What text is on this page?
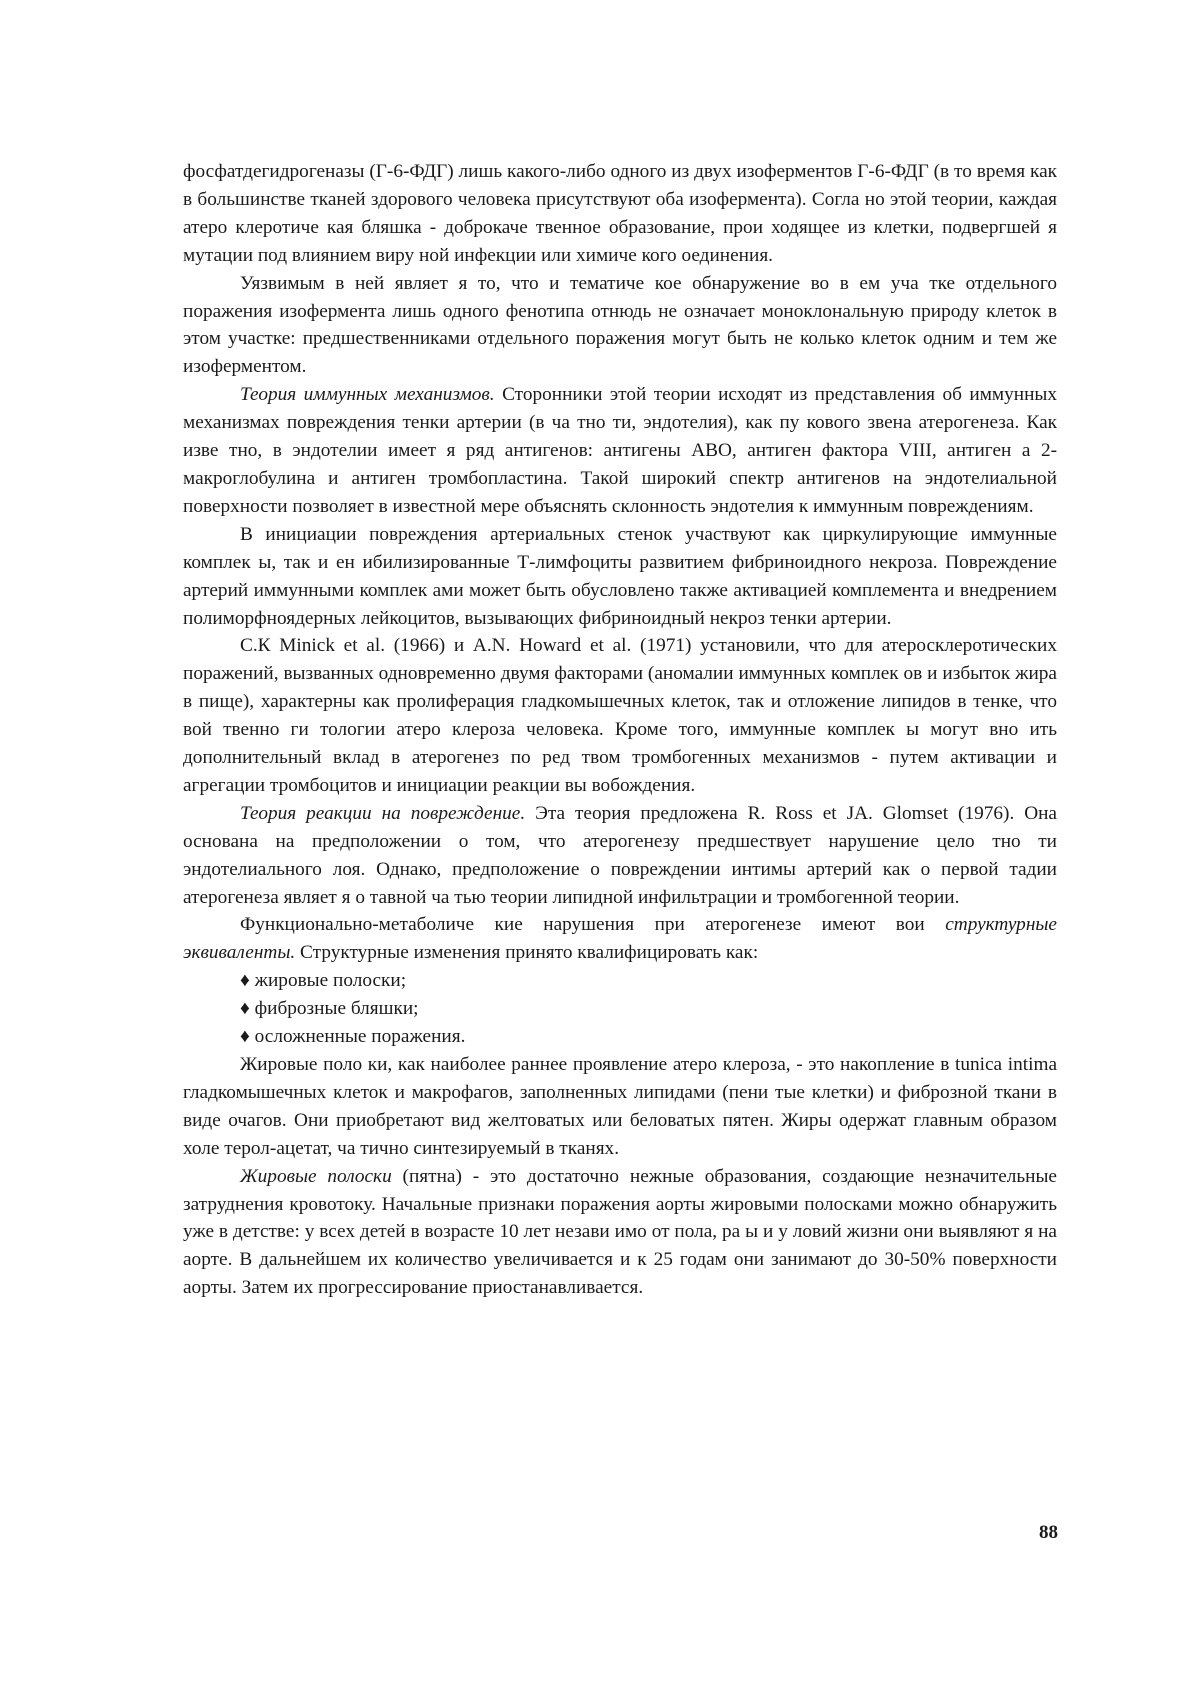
фосфатдегидрогеназы (Г-6-ФДГ) лишь какого-либо одного из двух изоферментов Г-6-ФДГ (в то время как в большинстве тканей здорового человека присутствуют оба изофермента). Согла но этой теории, каждая атеро клеротиче кая бляшка - доброкаче твенное образование, прои ходящее из клетки, подвергшей я мутации под влиянием виру ной инфекции или химиче кого оединения.

Уязвимым в ней являет я то, что и тематиче кое обнаружение во в ем уча тке отдельного поражения изофермента лишь одного фенотипа отнюдь не означает моноклональную природу клеток в этом участке: предшественниками отдельного поражения могут быть не колько клеток одним и тем же изоферментом.

Теория иммунных механизмов. Сторонники этой теории исходят из представления об иммунных механизмах повреждения тенки артерии (в ча тно ти, эндотелия), как пу кового звена атерогенеза. Как изве тно, в эндотелии имеет я ряд антигенов: антигены АВО, антиген фактора VIII, антиген а 2-макроглобулина и антиген тромбопластина. Такой широкий спектр антигенов на эндотелиальной поверхности позволяет в известной мере объяснять склонность эндотелия к иммунным повреждениям.

В инициации повреждения артериальных стенок участвуют как циркулирующие иммунные комплек ы, так и ен ибилизированные Т-лимфоциты развитием фибриноидного некроза. Повреждение артерий иммунными комплек ами может быть обусловлено также активацией комплемента и внедрением полиморфноядерных лейкоцитов, вызывающих фибриноидный некроз тенки артерии.

С.К Minick et al. (1966) и A.N. Howard et al. (1971) установили, что для атеросклеротических поражений, вызванных одновременно двумя факторами (аномалии иммунных комплек ов и избыток жира в пище), характерны как пролиферация гладкомышечных клеток, так и отложение липидов в тенке, что вой твенно ги тологии атеро клероза человека. Кроме того, иммунные комплек ы могут вно ить дополнительный вклад в атерогенез по ред твом тромбогенных механизмов - путем активации и агрегации тромбоцитов и инициации реакции вы вобождения.

Теория реакции на повреждение. Эта теория предложена R. Ross et JA. Glomset (1976). Она основана на предположении о том, что атерогенезу предшествует нарушение цело тно ти эндотелиального лоя. Однако, предположение о повреждении интимы артерий как о первой тадии атерогенеза являет я о тавной ча тью теории липидной инфильтрации и тромбогенной теории.

Функционально-метаболиче кие нарушения при атерогенезе имеют вои структурные эквиваленты. Структурные изменения принято квалифицировать как:

♦ жировые полоски;

♦ фиброзные бляшки;

♦ осложненные поражения.

Жировые поло ки, как наиболее раннее проявление атеро клероза, - это накопление в tunica intima гладкомышечных клеток и макрофагов, заполненных липидами (пени тые клетки) и фиброзной ткани в виде очагов. Они приобретают вид желтоватых или беловатых пятен. Жиры одержат главным образом холе терол-ацетат, ча тично синтезируемый в тканях.

Жировые полоски (пятна) - это достаточно нежные образования, создающие незначительные затруднения кровотоку. Начальные признаки поражения аорты жировыми полосками можно обнаружить уже в детстве: у всех детей в возрасте 10 лет незави имо от пола, ра ы и у ловий жизни они выявляют я на аорте. В дальнейшем их количество увеличивается и к 25 годам они занимают до 30-50% поверхности аорты. Затем их прогрессирование приостанавливается.

88
